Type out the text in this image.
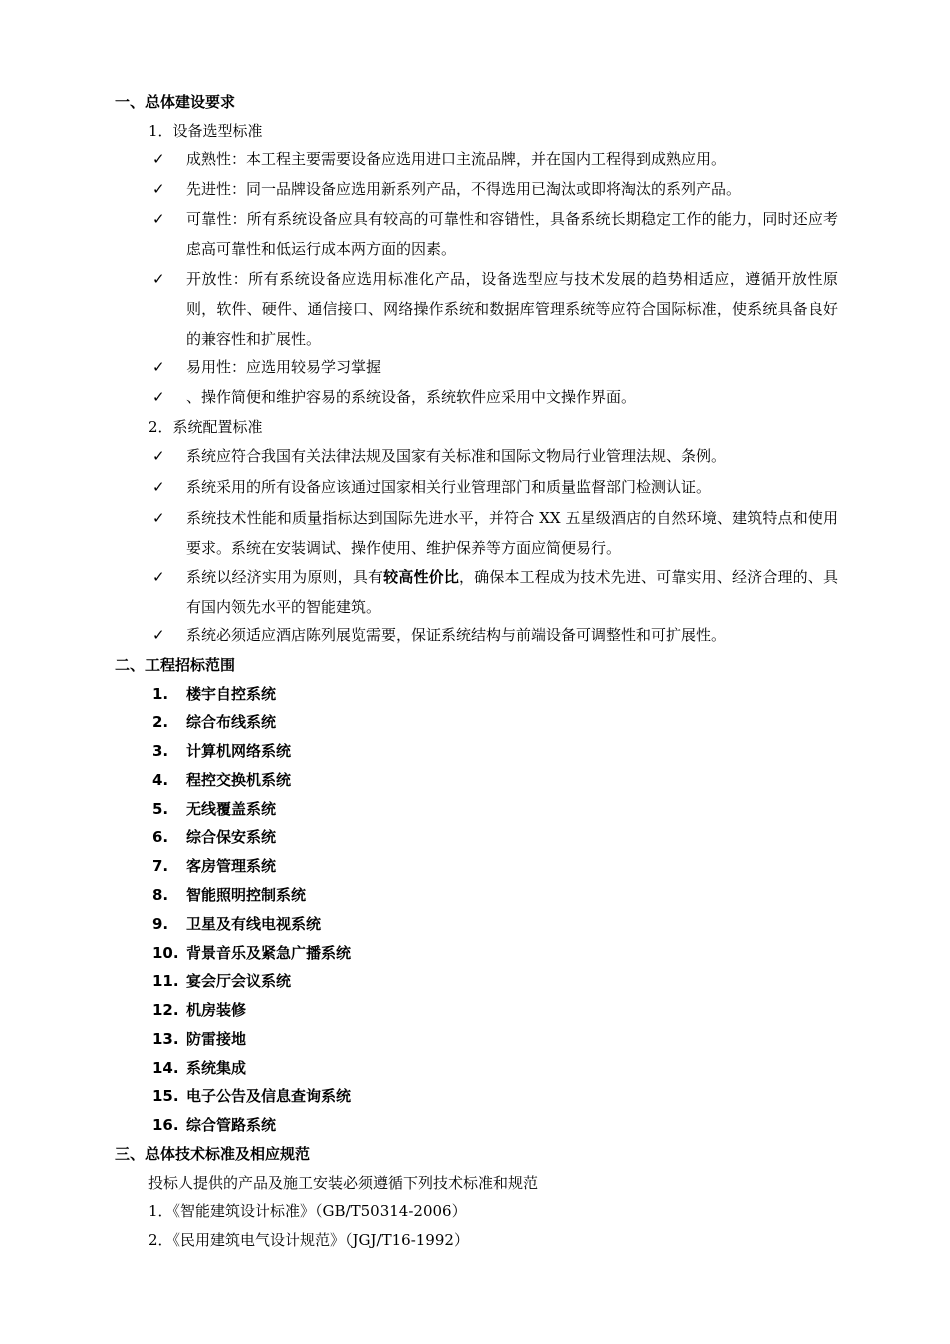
一、总体建设要求
1．设备选型标准
✓ 成熟性：本工程主要需要设备应选用进口主流品牌，并在国内工程得到成熟应用。
✓ 先进性：同一品牌设备应选用新系列产品，不得选用已淘汰或即将淘汰的系列产品。
✓ 可靠性：所有系统设备应具有较高的可靠性和容错性，具备系统长期稳定工作的能力，同时还应考虑高可靠性和低运行成本两方面的因素。
✓ 开放性：所有系统设备应选用标准化产品，设备选型应与技术发展的趋势相适应，遵循开放性原则，软件、硬件、通信接口、网络操作系统和数据库管理系统等应符合国际标准，使系统具备良好的兼容性和扩展性。
✓ 易用性：应选用较易学习掌握
✓ 、操作简便和维护容易的系统设备，系统软件应采用中文操作界面。
2．系统配置标准
✓ 系统应符合我国有关法律法规及国家有关标准和国际文物局行业管理法规、条例。
✓ 系统采用的所有设备应该通过国家相关行业管理部门和质量监督部门检测认证。
✓ 系统技术性能和质量指标达到国际先进水平，并符合 XX 五星级酒店的自然环境、建筑特点和使用要求。系统在安装调试、操作使用、维护保养等方面应简便易行。
✓ 系统以经济实用为原则，具有较高性价比，确保本工程成为技术先进、可靠实用、经济合理的、具有国内领先水平的智能建筑。
✓ 系统必须适应酒店陈列展览需要，保证系统结构与前端设备可调整性和可扩展性。
二、工程招标范围
1. 楼宇自控系统
2. 综合布线系统
3. 计算机网络系统
4. 程控交换机系统
5. 无线覆盖系统
6. 综合保安系统
7. 客房管理系统
8. 智能照明控制系统
9. 卫星及有线电视系统
10. 背景音乐及紧急广播系统
11. 宴会厅会议系统
12. 机房装修
13. 防雷接地
14. 系统集成
15. 电子公告及信息查询系统
16. 综合管路系统
三、总体技术标准及相应规范
投标人提供的产品及施工安装必须遵循下列技术标准和规范
1．《智能建筑设计标准》（GB/T50314-2006）
2．《民用建筑电气设计规范》（JGJ/T16-1992）
